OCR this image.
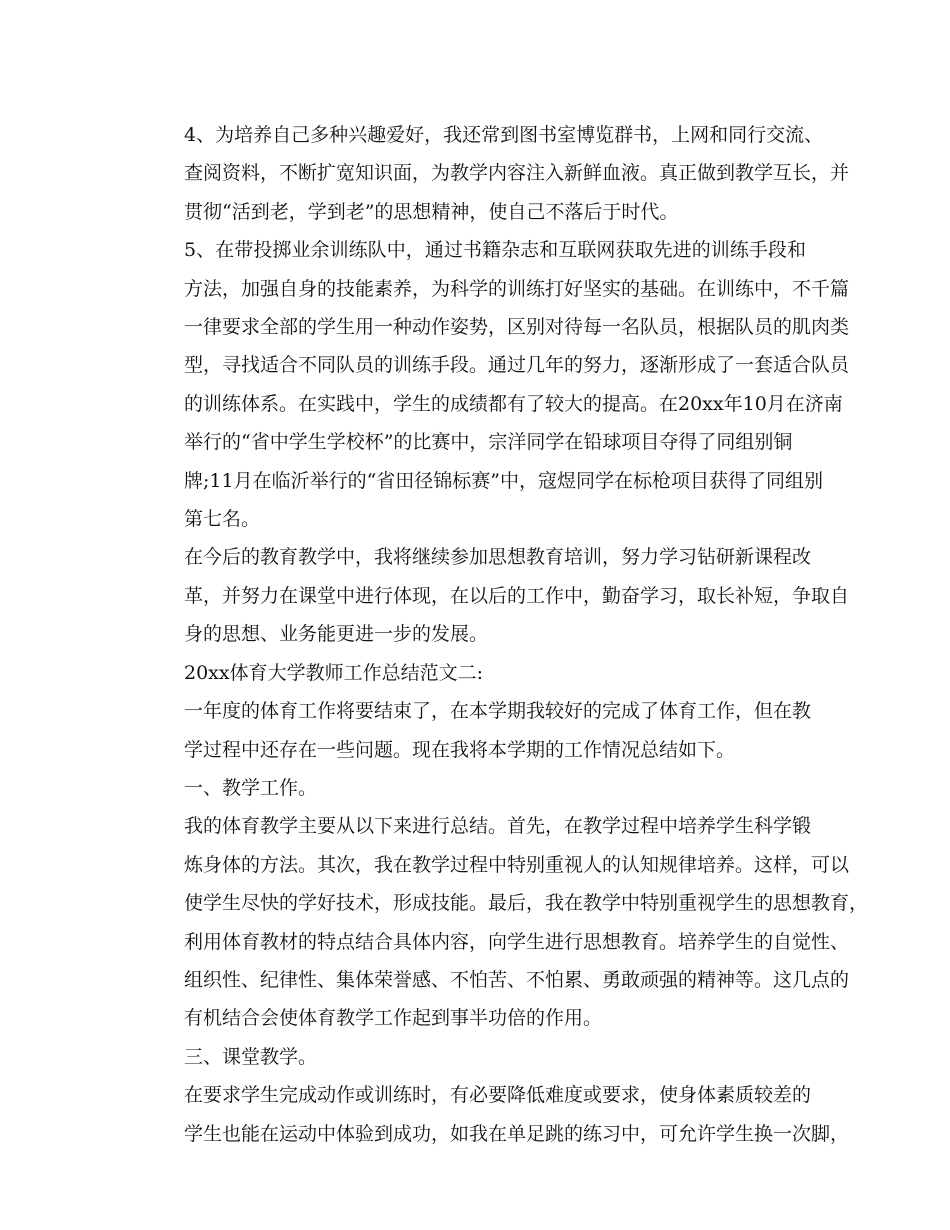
4、为培养自己多种兴趣爱好，我还常到图书室博览群书，上网和同行交流、
查阅资料，不断扩宽知识面，为教学内容注入新鲜血液。真正做到教学互长，并
贯彻“活到老，学到老”的思想精神，使自己不落后于时代。

5、在带投掷业余训练队中，通过书籍杂志和互联网获取先进的训练手段和
方法，加强自身的技能素养，为科学的训练打好坚实的基础。在训练中，不千篇
一律要求全部的学生用一种动作姿势，区别对待每一名队员，根据队员的肌肉类
型，寻找适合不同队员的训练手段。通过几年的努力，逐渐形成了一套适合队员
的训练体系。在实践中，学生的成绩都有了较大的提高。在20xx年10月在济南
举行的“省中学生学校杯”的比赛中，宗洋同学在铅球项目夺得了同组别铜
牌;11月在临沂举行的“省田径锦标赛”中，寇煜同学在标枪项目获得了同组别
第七名。

在今后的教育教学中，我将继续参加思想教育培训，努力学习钻研新课程改
革，并努力在课堂中进行体现，在以后的工作中，勤奋学习，取长补短，争取自
身的思想、业务能更进一步的发展。

20xx体育大学教师工作总结范文二:

一年度的体育工作将要结束了，在本学期我较好的完成了体育工作，但在教
学过程中还存在一些问题。现在我将本学期的工作情况总结如下。

一、教学工作。

我的体育教学主要从以下来进行总结。首先，在教学过程中培养学生科学锻
炼身体的方法。其次，我在教学过程中特别重视人的认知规律培养。这样，可以
使学生尽快的学好技术，形成技能。最后，我在教学中特别重视学生的思想教育，
利用体育教材的特点结合具体内容，向学生进行思想教育。培养学生的自觉性、
组织性、纪律性、集体荣誉感、不怕苦、不怕累、勇敢顽强的精神等。这几点的
有机结合会使体育教学工作起到事半功倍的作用。

三、课堂教学。

在要求学生完成动作或训练时，有必要降低难度或要求，使身体素质较差的
学生也能在运动中体验到成功，如我在单足跳的练习中，可允许学生换一次脚，
